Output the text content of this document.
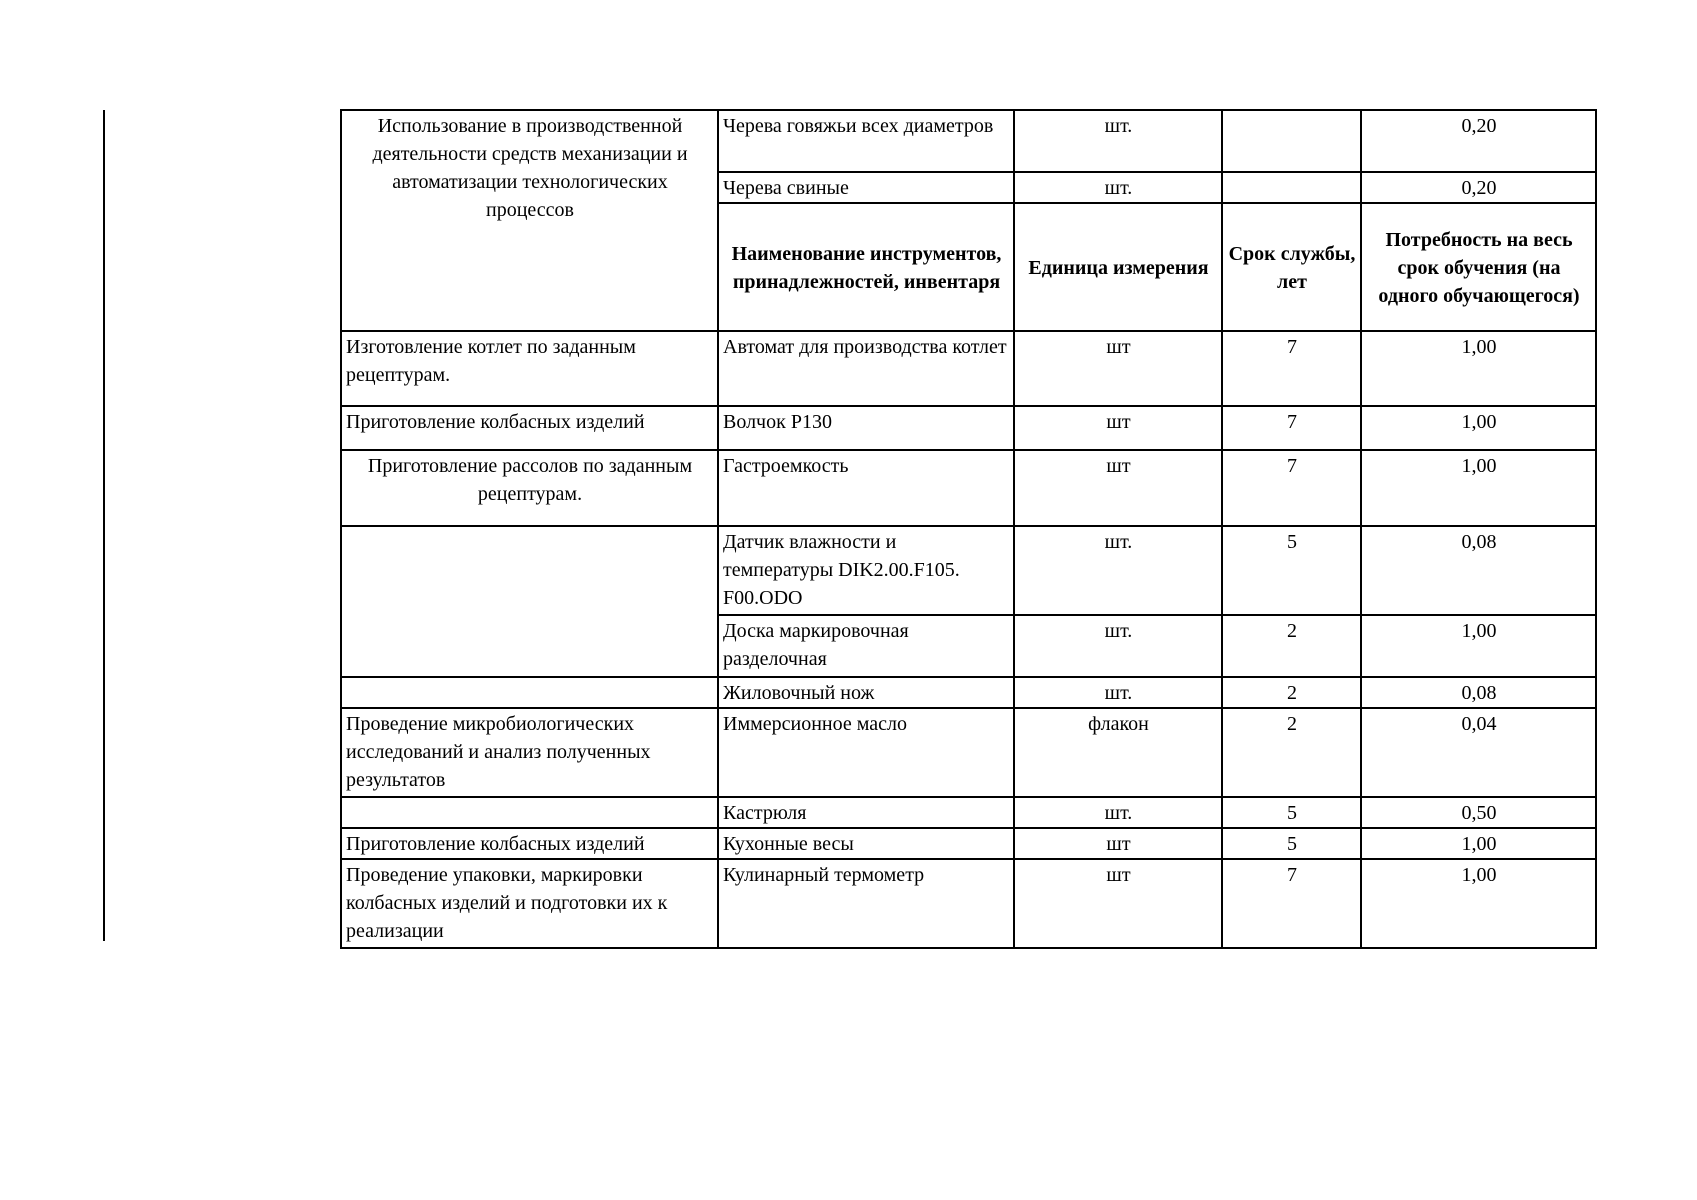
Использование в производственной деятельности средств механизации и автоматизации технологических процессов	Черева говяжьи всех диаметров	шт.		0,20
	Черева свиные	шт.		0,20
	Наименование инструментов, принадлежностей, инвентаря	Единица измерения	Срок службы, лет	Потребность на весь срок обучения (на одного обучающегося)
Изготовление котлет по заданным рецептурам.	Автомат для производства котлет	шт	7	1,00
Приготовление колбасных изделий	Волчок Р130	шт	7	1,00
Приготовление рассолов по заданным рецептурам.	Гастроемкость	шт	7	1,00
	Датчик влажности и температуры DIK2.00.F105. F00.ODO	шт.	5	0,08
	Доска маркировочная разделочная	шт.	2	1,00
	Жиловочный нож	шт.	2	0,08
Проведение микробиологических исследований и анализ полученных результатов	Иммерсионное масло	флакон	2	0,04
	Кастрюля	шт.	5	0,50
Приготовление колбасных изделий	Кухонные весы	шт	5	1,00
Проведение упаковки, маркировки колбасных изделий и подготовки их к реализации	Кулинарный термометр	шт	7	1,00
